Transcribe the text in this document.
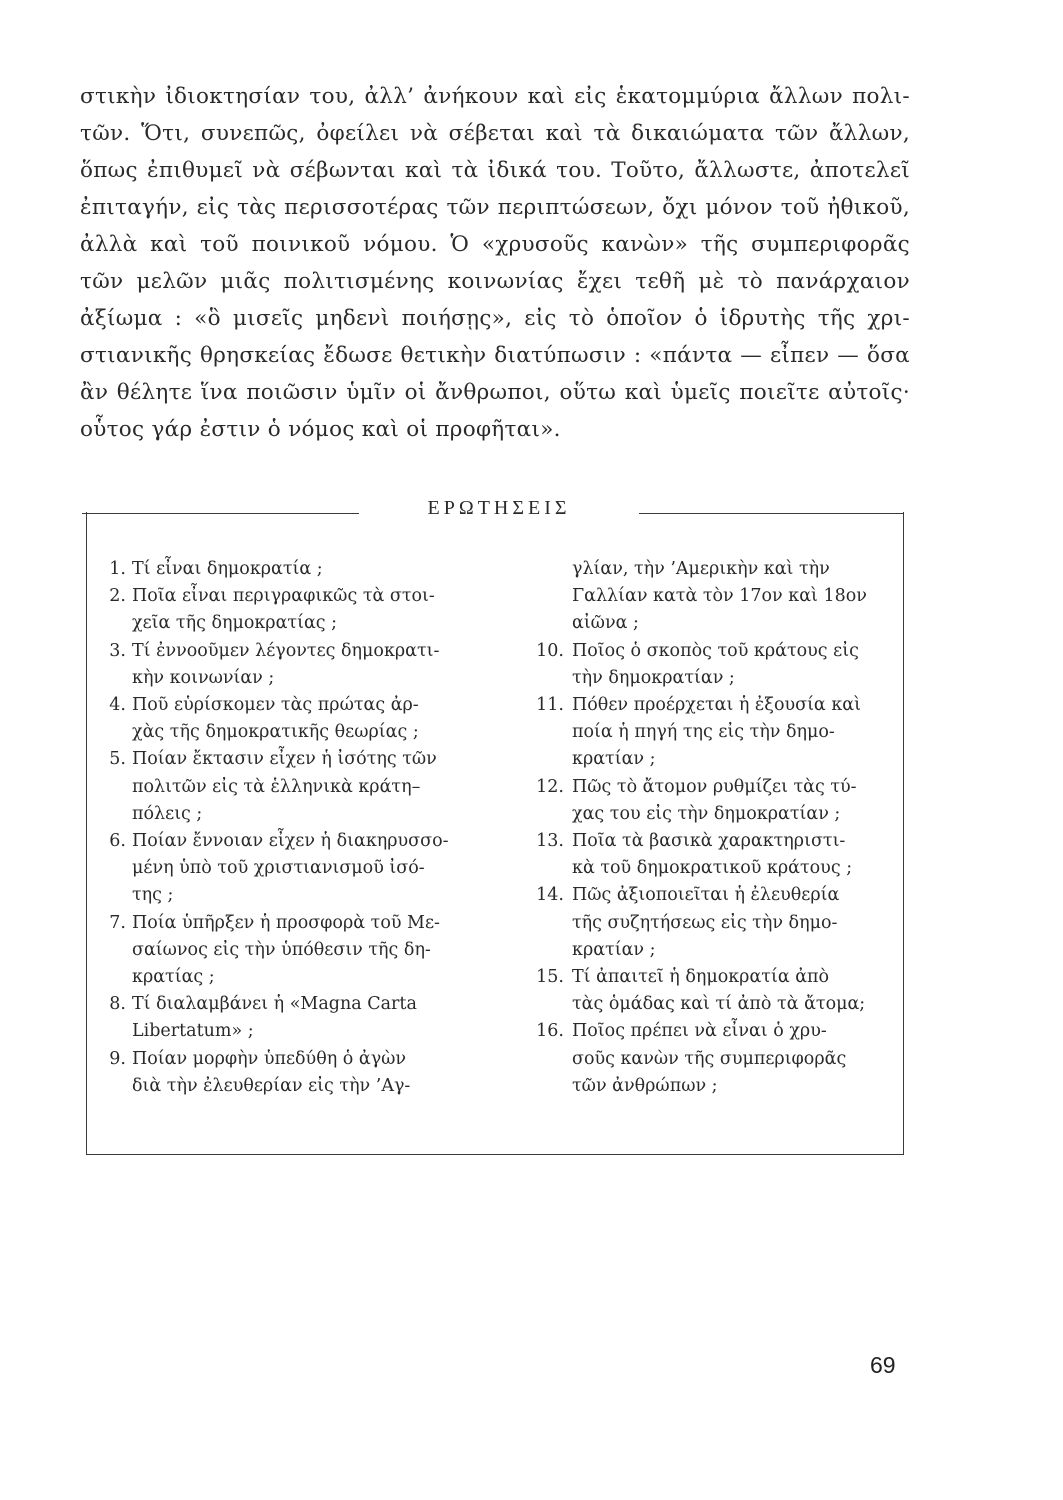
στικὴν ἰδιοκτησίαν του, ἀλλ’ ἀνήκουν καὶ εἰς ἑκατομμύρια ἄλλων πολι-
τῶν. Ὅτι, συνεπῶς, ὀφείλει νὰ σέβεται καὶ τὰ δικαιώματα τῶν ἄλλων,
ὅπως ἐπιθυμεῖ νὰ σέβωνται καὶ τὰ ἰδικά του. Τοῦτο, ἄλλωστε, ἀποτελεῖ
ἐπιταγήν, εἰς τὰς περισσοτέρας τῶν περιπτώσεων, ὄχι μόνον τοῦ ἠθικοῦ,
ἀλλὰ καὶ τοῦ ποινικοῦ νόμου. Ὁ «χρυσοῦς κανὼν» τῆς συμπεριφορᾶς
τῶν μελῶν μιᾶς πολιτισμένης κοινωνίας ἔχει τεθῆ μὲ τὸ πανάρχαιον
ἀξίωμα : «ὃ μισεῖς μηδενὶ ποιήσῃς», εἰς τὸ ὁποῖον ὁ ἱδρυτὴς τῆς χρι-
στιανικῆς θρησκείας ἔδωσε θετικὴν διατύπωσιν : «πάντα — εἶπεν — ὅσα
ἂν θέλητε ἵνα ποιῶσιν ὑμῖν οἱ ἄνθρωποι, οὕτω καὶ ὑμεῖς ποιεῖτε αὐτοῖς·
οὗτος γάρ ἐστιν ὁ νόμος καὶ οἱ προφῆται».
ΕΡΩΤΗΣΕΙΣ
1. Τί εἶναι δημοκρατία ;
2. Ποῖα εἶναι περιγραφικῶς τὰ στοι-
χεῖα τῆς δημοκρατίας ;
3. Τί ἐννοοῦμεν λέγοντες δημοκρατι-
κὴν κοινωνίαν ;
4. Ποῦ εὑρίσκομεν τὰς πρώτας ἀρ-
χὰς τῆς δημοκρατικῆς θεωρίας ;
5. Ποίαν ἔκτασιν εἶχεν ἡ ἰσότης τῶν
πολιτῶν εἰς τὰ ἑλληνικὰ κράτη–
πόλεις ;
6. Ποίαν ἔννοιαν εἶχεν ἡ διακηρυσσο-
μένη ὑπὸ τοῦ χριστιανισμοῦ ἰσό-
της ;
7. Ποία ὑπῆρξεν ἡ προσφορὰ τοῦ Με-
σαίωνος εἰς τὴν ὑπόθεσιν τῆς δη-
κρατίας ;
8. Τί διαλαμβάνει ἡ «Magna Carta
Libertatum» ;
9. Ποίαν μορφὴν ὑπεδύθη ὁ ἀγὼν
διὰ τὴν ἐλευθερίαν εἰς τὴν ’Αγ-
γλίαν, τὴν ’Αμερικὴν καὶ τὴν
Γαλλίαν κατὰ τὸν 17ον καὶ 18ον
αἰῶνα ;
10. Ποῖος ὁ σκοπὸς τοῦ κράτους εἰς
τὴν δημοκρατίαν ;
11. Πόθεν προέρχεται ἡ ἐξουσία καὶ
ποία ἡ πηγή της εἰς τὴν δημο-
κρατίαν ;
12. Πῶς τὸ ἄτομον ρυθμίζει τὰς τύ-
χας του εἰς τὴν δημοκρατίαν ;
13. Ποῖα τὰ βασικὰ χαρακτηριστι-
κὰ τοῦ δημοκρατικοῦ κράτους ;
14. Πῶς ἀξιοποιεῖται ἡ ἐλευθερία
τῆς συζητήσεως εἰς τὴν δημο-
κρατίαν ;
15. Τί ἀπαιτεῖ ἡ δημοκρατία ἀπὸ
τὰς ὁμάδας καὶ τί ἀπὸ τὰ ἄτομα;
16. Ποῖος πρέπει νὰ εἶναι ὁ χρυ-
σοῦς κανὼν τῆς συμπεριφορᾶς
τῶν ἀνθρώπων ;
69
